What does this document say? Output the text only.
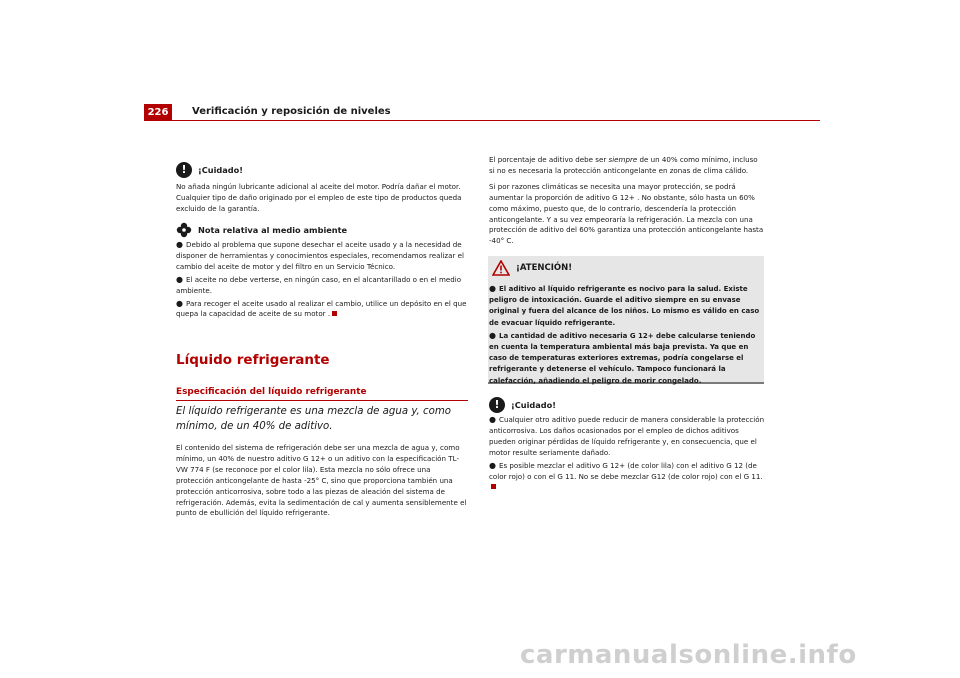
226	Verificación y reposición de niveles
!	¡Cuidado!

No añada ningún lubricante adicional al aceite del motor. Podría dañar el motor. Cualquier tipo de daño originado por el empleo de este tipo de productos queda excluido de la garantía.

Nota relativa al medio ambiente

● Debido al problema que supone desechar el aceite usado y a la necesidad de disponer de herramientas y conocimientos especiales, recomendamos realizar el cambio del aceite de motor y del filtro en un Servicio Técnico.

● El aceite no debe verterse, en ningún caso, en el alcantarillado o en el medio ambiente.

● Para recoger el aceite usado al realizar el cambio, utilice un depósito en el que quepa la capacidad de aceite de su motor .

Líquido refrigerante
Especificación del líquido refrigerante
El líquido refrigerante es una mezcla de agua y, como mínimo, de un 40% de aditivo.

El contenido del sistema de refrigeración debe ser una mezcla de agua y, como mínimo, un 40% de nuestro aditivo G 12+ o un aditivo con la especificación TL-VW 774 F (se reconoce por el color lila). Esta mezcla no sólo ofrece una protección anticongelante de hasta -25° C, sino que proporciona también una protección anticorrosiva, sobre todo a las piezas de aleación del sistema de refrigeración. Además, evita la sedimentación de cal y aumenta sensiblemente el punto de ebullición del líquido refrigerante.

El porcentaje de aditivo debe ser siempre de un 40% como mínimo, incluso si no es necesaria la protección anticongelante en zonas de clima cálido.

Si por razones climáticas se necesita una mayor protección, se podrá aumentar la proporción de aditivo G 12+ . No obstante, sólo hasta un 60% como máximo, puesto que, de lo contrario, descendería la protección anticongelante. Y a su vez empeoraría la refrigeración. La mezcla con una protección de aditivo del 60% garantiza una protección anticongelante hasta -40° C.

¡ATENCIÓN!

● El aditivo al líquido refrigerante es nocivo para la salud. Existe peligro de intoxicación. Guarde el aditivo siempre en su envase original y fuera del alcance de los niños. Lo mismo es válido en caso de evacuar líquido refrigerante.

● La cantidad de aditivo necesaria G 12+ debe calcularse teniendo en cuenta la temperatura ambiental más baja prevista. Ya que en caso de temperaturas exteriores extremas, podría congelarse el refrigerante y detenerse el vehículo. Tampoco funcionará la calefacción, añadiendo el peligro de morir congelado.

!	¡Cuidado!

● Cualquier otro aditivo puede reducir de manera considerable la protección anticorrosiva. Los daños ocasionados por el empleo de dichos aditivos pueden originar pérdidas de líquido refrigerante y, en consecuencia, que el motor resulte seriamente dañado.

● Es posible mezclar el aditivo G 12+ (de color lila) con el aditivo G 12 (de color rojo) o con el G 11. No se debe mezclar G12 (de color rojo) con el G 11.

carmanualsonline.info
